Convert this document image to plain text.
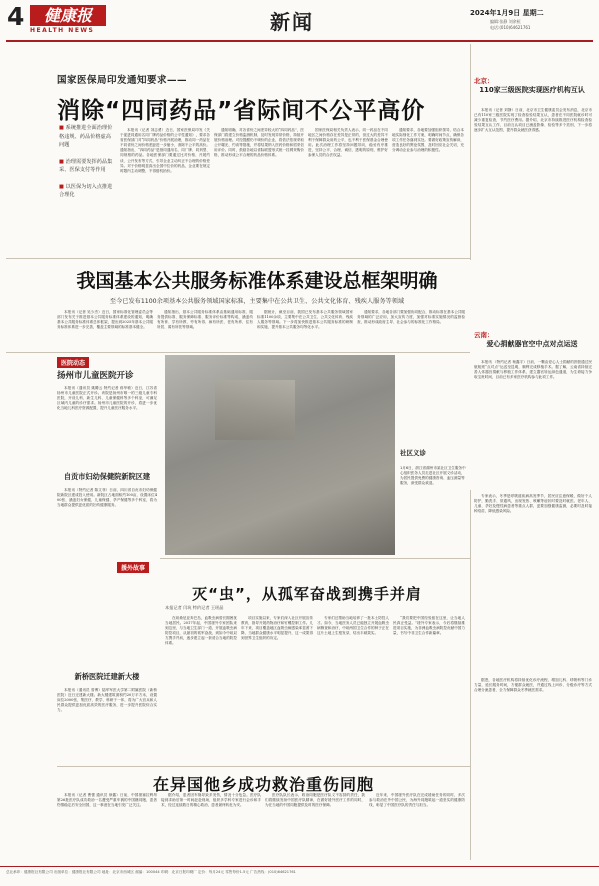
4	健康报
HEALTH NEWS	新闻	2024年1月9日 星期二
编辑:张静 刘余桓
电话:(010)64621761
国家医保局印发通知要求——
消除“四同药品”省际间不公平高价
■ 系统推进全面治理价格违规、药品价格虚高问题
■ 治理需要发挥药品集采、医保支付等作用
■ 以医保为切入点推进合理化

本报讯（记者 刘志勇）近日，国家医保局印发《关于促进同通用名同厂牌药品价格的公平性通知》，要求各省医保部门对“四同药品”价格开展治理，推动同一药品在不同省份之间价格差距进一步缩小，消除不公平的高价。通知指出，“四同药品”是指同通用名、同厂牌、同剂型、同规格的药品。各地医保部门要通过比对价格、开展约谈、公开发布等方式，引导企业主动纠正不合理的价格差异。对于价格明显高出全国中位价的药品，企业要在规定时限内主动调整，不得借机抬价。

通知明确，对各省份之间差异较大的“四同药品”，医保部门将建立价格监测机制，及时发现异常价格，持续开展价格治理。对经提醒仍不调价的企业，将依法依规采取公开曝光、约谈等措施，并将结果纳入医药价格和招采信用评价。同时，鼓励各地以省际联盟形式统一挂网采购价格，推动形成公平合理的药品价格体系。

国家医保局相关负责人表示，同一药品在不同地区之间价格存在差异是正常的，但过大的差异不利于保障群众用药公平，也不利于医保基金合理使用。此次治理工作将坚持问题导向，稳妥有序推进，坚持公平、合理、诚信、透明的原则，维护好参保人员的合法权益。

通知要求，各地要加强组织领导，结合本地实际细化工作方案，明确时间节点，确保各项工作任务落到实处。要做好政策宣传解读，营造良好的舆论氛围，及时回应社会关切，充分调动企业参与治理的积极性。

北京：
110家三级医院实现医疗机构互认

本报讯（记者 刘静）日前，北京市卫生健康委员会发布消息，北京市已有110家三级医院实现了检查检验结果互认，患者在不同医院就诊时可减少重复检查，节约医疗费用。据介绍，北京市持续推进医疗机构检查检验结果互认工作，目前互认项目已涵盖影像、检验等多个类别，下一步将逐步扩大互认范围，提升群众就医获得感。

我国基本公共服务标准体系建设总框架明确
至今已发布1100余项基本公共服务领域国家标准，主要集中在公共卫生、公共文化体育、残疾人服务等领域

本报讯（记者 吴少杰）近日，国家标准化管理委员会等部门发布关于推进基本公共服务标准体系建设的通知，明确基本公共服务标准体系总体框架，提出到2025年基本公共服务标准体系进一步完善，覆盖主要领域的标准基本健全。

通知指出，基本公共服务标准体系由基础通用标准、服务提供标准、服务保障标准、服务评价标准等构成，涵盖幼有所育、学有所教、劳有所得、病有所医、老有所养、住有所居、弱有所扶等领域。

据统计，截至目前，我国已发布基本公共服务领域国家标准1100余项，主要集中在公共卫生、公共文化体育、残疾人服务等领域。下一步将加快推进基本公共服务标准的研制和实施，提升基本公共服务均等化水平。

通知要求，各地各部门要加强协同配合，推动标准在基本公共服务领域的广泛应用，加大宣传力度，加强对标准实施情况的监督检查，推动形成政府主导、社会参与的标准化工作格局。

云南：
爱心捐献器官空中点对点运送

本报讯 （特约记者 杨鑫宇）日前，一颗由爱心人士捐献的肝脏通过民航航班“点对点”运送至昆明，顺利完成移植手术。据了解，云南省持续完善人体器官捐献与移植工作体系，建立器官转运绿色通道，为生命接力争取宝贵时间，目前已有多家医疗机构参与此项工作。

医院动态
扬州市儿童医院开诊

本报讯（通讯员 姚腾云 特约记者 蒋华敏）近日，江苏省扬州市儿童医院正式开诊。该院是扬州市唯一的三级儿童专科医院，开设儿科、新生儿科、儿童保健科等多个科室，可满足区域内儿童的诊疗需求。扬州市儿童医院的开诊，将进一步优化当地儿科医疗资源配置，提升儿童医疗服务水平。

自贡市妇幼保健院新院区建

本报讯（特约记者 陈文菲）日前，四川省自贡市妇幼保健院新院区建成投入使用。新院区占地面积约100亩，设置床位400张，涵盖妇女保健、儿童保健、孕产保健等多个科室，将为当地群众提供更优质的妇幼健康服务。

新桥医院迁建新大楼

本报讯（通讯员 曾博）陆军军医大学第二附属医院（新桥医院）近日迁建新大楼。新大楼建筑面积约20万平方米，设置床位2000张，集医疗、教学、科研于一体，将为广大官兵和人民群众提供更加优质高效的医疗服务，进一步提升医院综合实力。

社区义诊
1月6日，浙江省湖州市某社区卫生服务中心组织医务人员走进社区开展义诊活动，为居民提供免费的健康咨询、血压测量等服务，深受群众欢迎。
援外故事
灭“虫”，从孤军奋战到携手并肩
本报记者 闫筑 特约记者 王瑶晶

在坦桑尼亚奔巴岛，血吸虫病曾长期困扰当地居民。2017年起，中国援外专家团队来到这里，与当地卫生部门一道，开展血吸虫病防控项目，从最初的孤军奋战，到如今中坦双方携手并肩，逐步建立起一套适合当地的防控体系。

项目实施以来，专家们深入社区开展宣传教育，指导开展药物治疗和钉螺控制工作。几年下来，项目覆盖地区血吸虫病感染率显著下降，当地群众健康水平明显提升，这一成果得到世界卫生组织的肯定。

专家们还帮助当地培养了一批本土防控人才。如今，当地医务人员已能独立开展血吸虫病筛查和治疗，中坦两国卫生合作的种子正在这片土地上生根发芽，结出丰硕果实。

“我们要把中国经验留在这里，让当地人民真正受益。”援外专家表示，今后将继续推进项目实施，为非洲血吸虫病防控贡献中国力量，书写中非卫生合作新篇章。

专家表示，冬季是呼吸道疾病高发季节，居民应注意保暖，做好个人防护，勤洗手、常通风，出现发热、咳嗽等症状时要及时就医。老年人、儿童、孕妇及慢性病患者等重点人群，更要加强健康监测，必要时及时接种疫苗，降低感染风险。

据悉，各地医疗机构将持续优化诊疗流程，增加儿科、呼吸科等门诊力量，延长服务时间，方便群众就医，并通过线上问诊、分级诊疗等方式合理分流患者，全力保障群众冬季就医需求。

在异国他乡成功救治重伤同胞

本报讯（记者 曹蕾 通讯员 徐鑫）日前，中国援塞拉利昂第26批医疗队成功救治一名遭受严重车祸的中国籍同胞，患者伤情稳定后安全回国，这一事迹在当地引发广泛关注。

据介绍，患者因车祸导致多发伤，情况十分危急。医疗队接到求助后第一时间赶赴现场，组织多学科专家进行会诊和手术，经过连续数日的精心救治，患者最终转危为安。

医疗队队长表示，救治同胞是医疗队义不容辞的责任，我们将继续发扬中国医疗队精神，在做好援外医疗工作的同时，为在当地的中国同胞提供及时的医疗保障。

近年来，中国援外医疗队在完成援助任务的同时，多次参与救治在外中国公民，为海外同胞筑起一道坚实的健康防线，彰显了中国医疗队的责任与担当。

总社承印：健康报社有限公司 出版单位：健康报社有限公司 地址：北京市西城区 邮编：100044 印刷：北京日报印刷厂 定价：每月24元 零售每份1.5元 广告热线：(010)64621761
